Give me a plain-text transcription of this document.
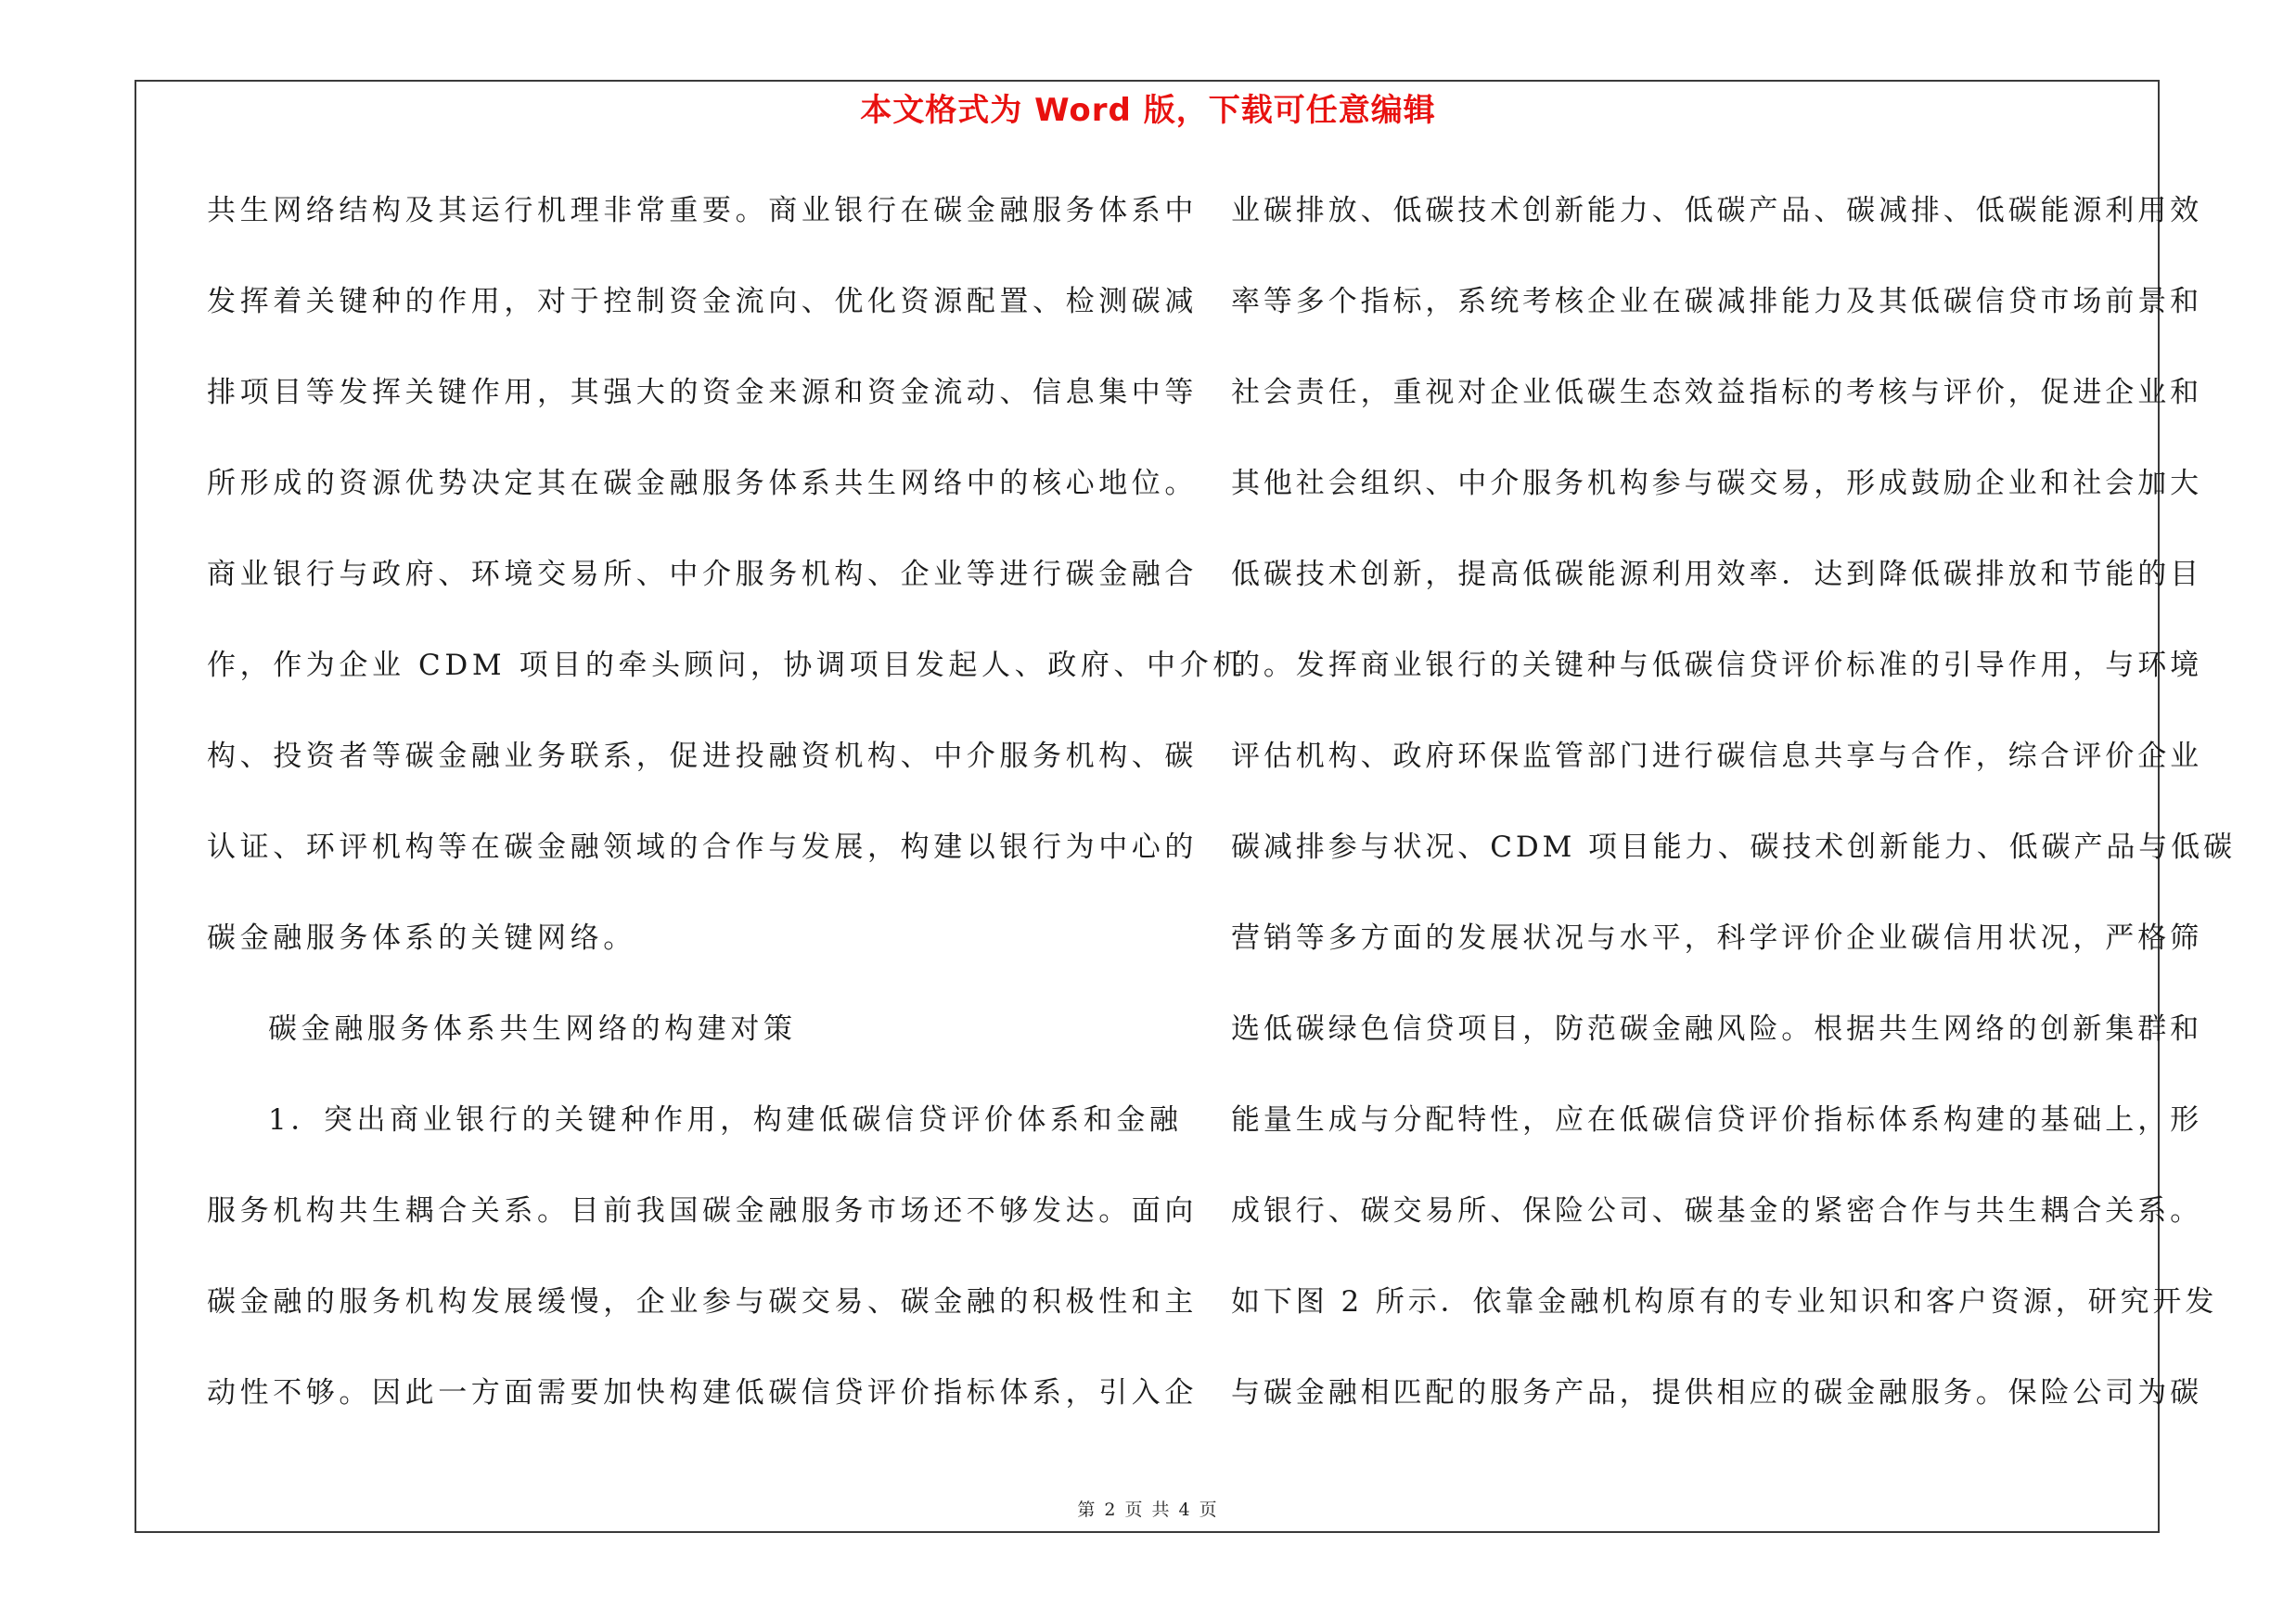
本文格式为 Word 版，下载可任意编辑
共生网络结构及其运行机理非常重要。商业银行在碳金融服务体系中
发挥着关键种的作用，对于控制资金流向、优化资源配置、检测碳减
排项目等发挥关键作用，其强大的资金来源和资金流动、信息集中等
所形成的资源优势决定其在碳金融服务体系共生网络中的核心地位。
商业银行与政府、环境交易所、中介服务机构、企业等进行碳金融合
作，作为企业 CDM 项目的牵头顾问，协调项目发起人、政府、中介机
构、投资者等碳金融业务联系，促进投融资机构、中介服务机构、碳
认证、环评机构等在碳金融领域的合作与发展，构建以银行为中心的
碳金融服务体系的关键网络。
碳金融服务体系共生网络的构建对策
1．突出商业银行的关键种作用，构建低碳信贷评价体系和金融
服务机构共生耦合关系。目前我国碳金融服务市场还不够发达。面向
碳金融的服务机构发展缓慢，企业参与碳交易、碳金融的积极性和主
动性不够。因此一方面需要加快构建低碳信贷评价指标体系，引入企
业碳排放、低碳技术创新能力、低碳产品、碳减排、低碳能源利用效
率等多个指标，系统考核企业在碳减排能力及其低碳信贷市场前景和
社会责任，重视对企业低碳生态效益指标的考核与评价，促进企业和
其他社会组织、中介服务机构参与碳交易，形成鼓励企业和社会加大
低碳技术创新，提高低碳能源利用效率．达到降低碳排放和节能的目
的。发挥商业银行的关键种与低碳信贷评价标准的引导作用，与环境
评估机构、政府环保监管部门进行碳信息共享与合作，综合评价企业
碳减排参与状况、CDM 项目能力、碳技术创新能力、低碳产品与低碳
营销等多方面的发展状况与水平，科学评价企业碳信用状况，严格筛
选低碳绿色信贷项目，防范碳金融风险。根据共生网络的创新集群和
能量生成与分配特性，应在低碳信贷评价指标体系构建的基础上，形
成银行、碳交易所、保险公司、碳基金的紧密合作与共生耦合关系。
如下图 2 所示．依靠金融机构原有的专业知识和客户资源，研究开发
与碳金融相匹配的服务产品，提供相应的碳金融服务。保险公司为碳
第 2 页 共 4 页
